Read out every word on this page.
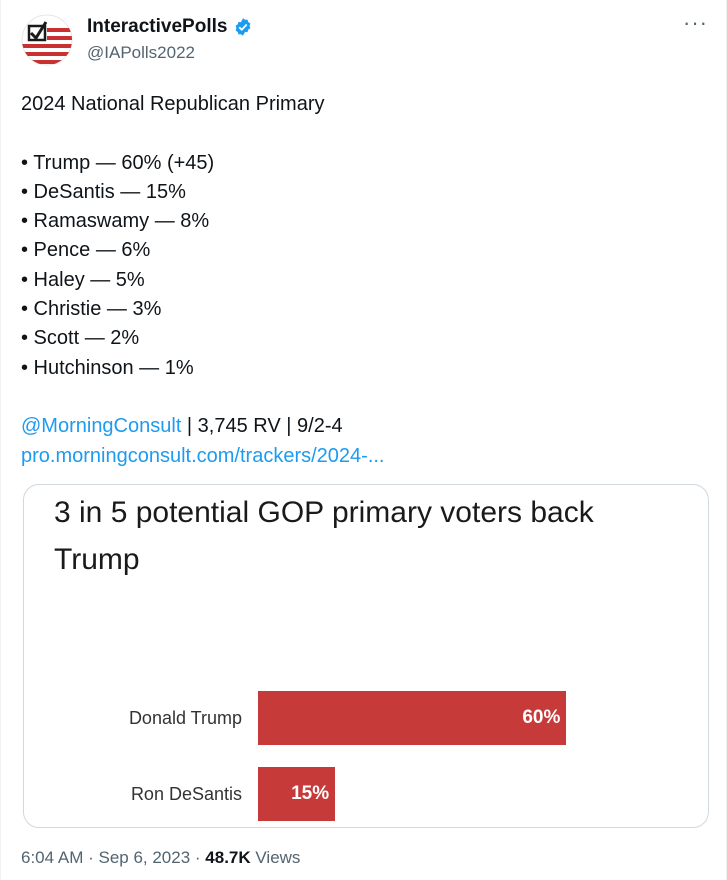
InteractivePolls
@IAPolls2022
···
2024 National Republican Primary
• Trump — 60% (+45)
• DeSantis — 15%
• Ramaswamy — 8%
• Pence — 6%
• Haley — 5%
• Christie — 3%
• Scott — 2%
• Hutchinson — 1%
@MorningConsult | 3,745 RV | 9/2-4
pro.morningconsult.com/trackers/2024-...
3 in 5 potential GOP primary voters back Trump
Donald Trump	60%
Ron DeSantis	15%
6:04 AM · Sep 6, 2023 · 48.7K Views
